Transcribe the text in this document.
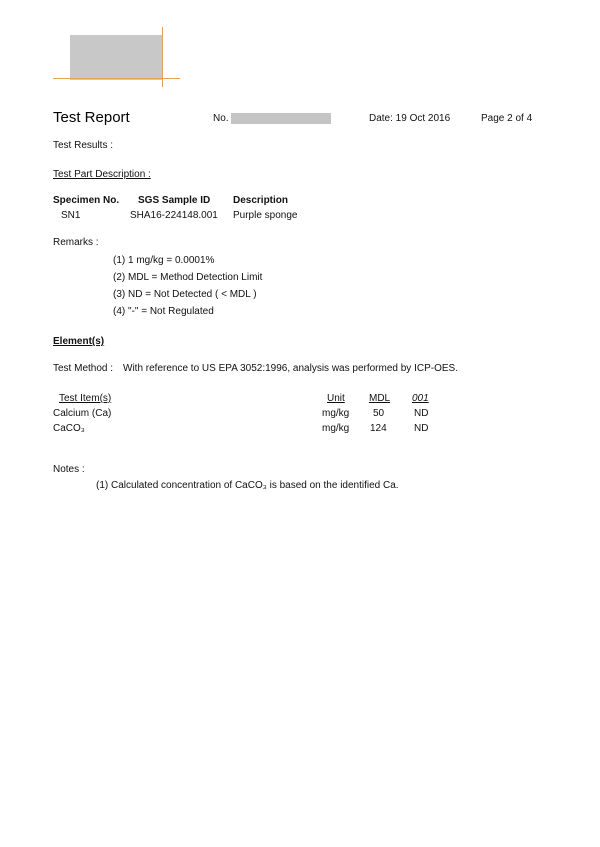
Test Report	No.	Date: 19 Oct 2016	Page 2 of 4
Test Results :
Test Part Description :
Specimen No. SGS Sample ID Description
SN1	SHA16-224148.001 Purple sponge
Remarks :
(1) 1 mg/kg = 0.0001%
(2) MDL = Method Detection Limit
(3) ND = Not Detected ( < MDL )
(4) "-" = Not Regulated
Element(s)
Test Method : With reference to US EPA 3052:1996, analysis was performed by ICP-OES.
Test Item(s)	Unit MDL 001
Calcium (Ca)	mg/kg 50	ND
CaCO₃	mg/kg 124	ND
Notes :
(1) Calculated concentration of CaCO₃ is based on the identified Ca.
